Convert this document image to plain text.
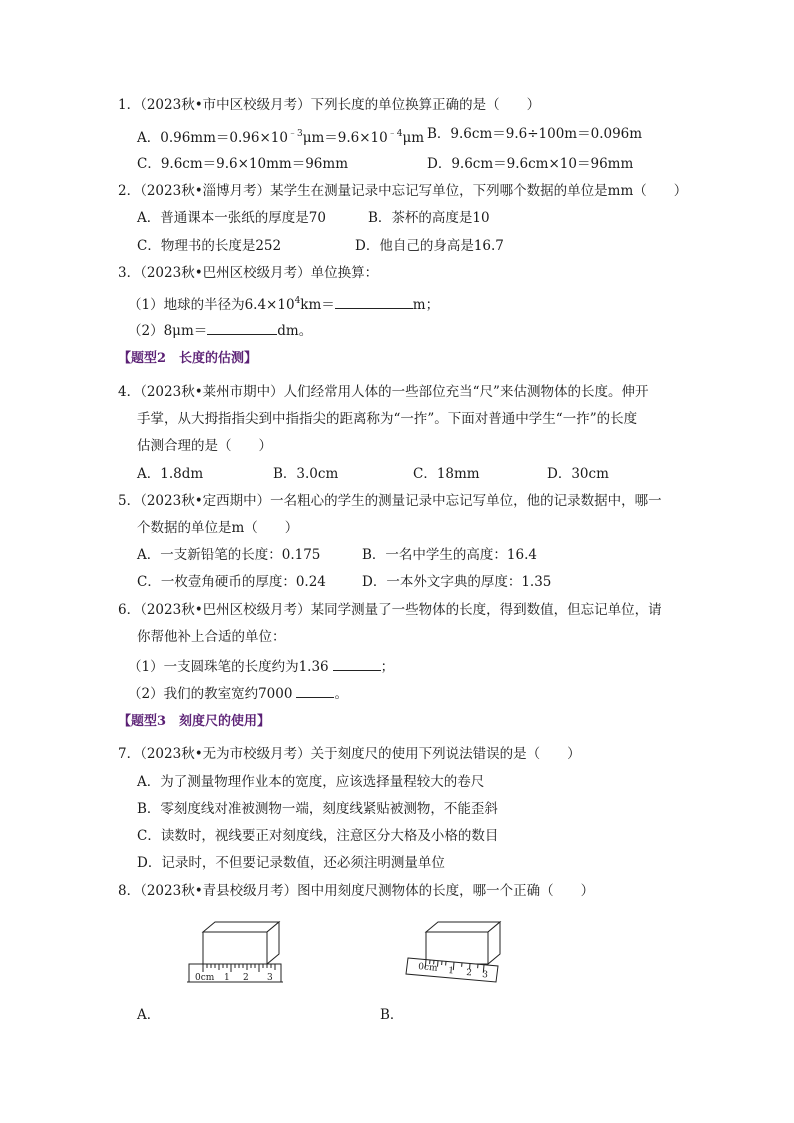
1．（2023秋•市中区校级月考）下列长度的单位换算正确的是（　　）
A．$0.96mm=0.96\times 10^{﹣3}\mu m=9.6\times 10^{﹣4}\mu m$ B．9.6cm＝9.6÷100m＝0.096m
C．9.6cm＝9.6×10mm＝96mm	D．9.6cm＝9.6cm×10＝96mm
2．（2023秋•淄博月考）某学生在测量记录中忘记写单位，下列哪个数据的单位是mm（　　）
A．普通课本一张纸的厚度是70	B．茶杯的高度是10
C．物理书的长度是252	D．他自己的身高是16.7
3．（2023秋•巴州区校级月考）单位换算：
（1）地球的半径为$6.4\times 10^4km=$	m；
（2）8μm＝	dm。
【题型2　长度的估测】
4．（2023秋•莱州市期中）人们经常用人体的一些部位充当“尺”来估测物体的长度。伸开
手掌，从大拇指指尖到中指指尖的距离称为“一拃”。下面对普通中学生“一拃”的长度
估测合理的是（　　）
A．1.8dm	B．3.0cm	C．18mm	D．30cm
5．（2023秋•定西期中）一名粗心的学生的测量记录中忘记写单位，他的记录数据中，哪一
个数据的单位是m（　　）
A．一支新铅笔的长度：0.175	B．一名中学生的高度：16.4
C．一枚壹角硬币的厚度：0.24	D．一本外文字典的厚度：1.35
6．（2023秋•巴州区校级月考）某同学测量了一些物体的长度，得到数值，但忘记单位，请
你帮他补上合适的单位：
（1）一支圆珠笔的长度约为1.36	；
（2）我们的教室宽约7000	。
【题型3　刻度尺的使用】
7．（2023秋•无为市校级月考）关于刻度尺的使用下列说法错误的是（　　）
A．为了测量物理作业本的宽度，应该选择量程较大的卷尺
B．零刻度线对准被测物一端，刻度线紧贴被测物，不能歪斜
C．读数时，视线要正对刻度线，注意区分大格及小格的数目
D．记录时，不但要记录数值，还必须注明测量单位
8．（2023秋•青县校级月考）图中用刻度尺测物体的长度，哪一个正确（　　）
0cm 1 2 3
0cm 1 2 3
A．	B．
